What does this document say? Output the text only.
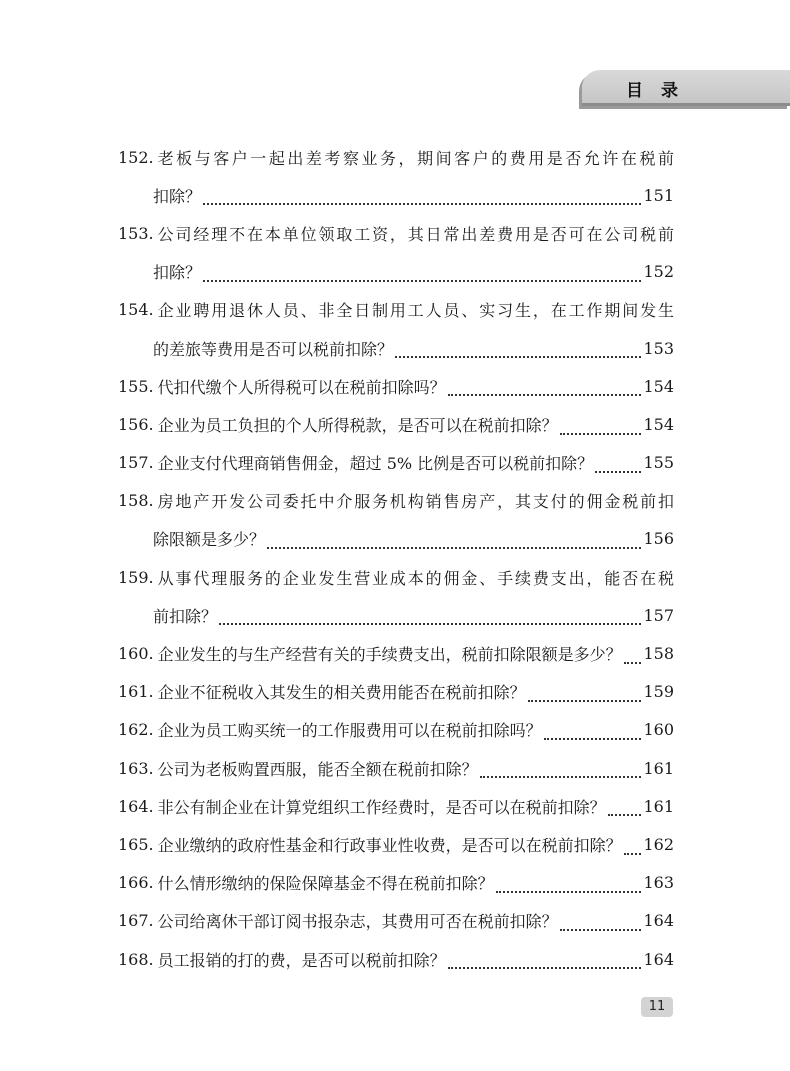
目录
152. 老板与客户一起出差考察业务，期间客户的费用是否允许在税前
扣除？	151
153. 公司经理不在本单位领取工资，其日常出差费用是否可在公司税前
扣除？	152
154. 企业聘用退休人员、非全日制用工人员、实习生，在工作期间发生
的差旅等费用是否可以税前扣除？	153
155. 代扣代缴个人所得税可以在税前扣除吗？	154
156. 企业为员工负担的个人所得税款，是否可以在税前扣除？	154
157. 企业支付代理商销售佣金，超过 5% 比例是否可以税前扣除？	155
158. 房地产开发公司委托中介服务机构销售房产，其支付的佣金税前扣
除限额是多少？	156
159. 从事代理服务的企业发生营业成本的佣金、手续费支出，能否在税
前扣除？	157
160. 企业发生的与生产经营有关的手续费支出，税前扣除限额是多少？ 158
161. 企业不征税收入其发生的相关费用能否在税前扣除？	159
162. 企业为员工购买统一的工作服费用可以在税前扣除吗？	160
163. 公司为老板购置西服，能否全额在税前扣除？	161
164. 非公有制企业在计算党组织工作经费时，是否可以在税前扣除？ 161
165. 企业缴纳的政府性基金和行政事业性收费，是否可以在税前扣除？ 162
166. 什么情形缴纳的保险保障基金不得在税前扣除？	163
167. 公司给离休干部订阅书报杂志，其费用可否在税前扣除？	164
168. 员工报销的打的费，是否可以税前扣除？	164
11
